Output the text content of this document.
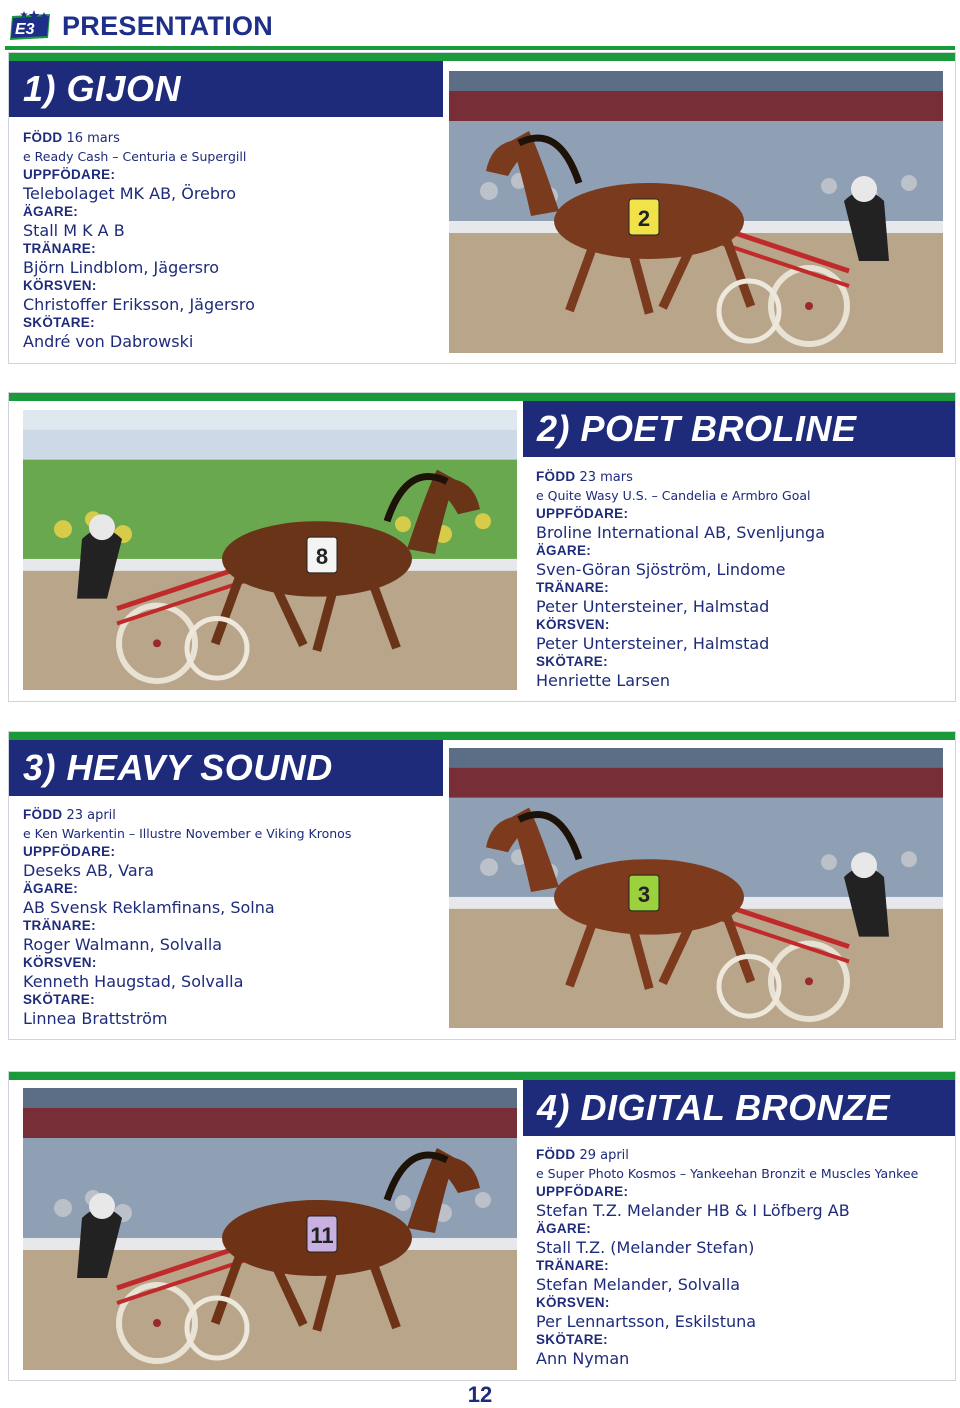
E3 PRESENTATION
1) GIJON
2
FÖDD 16 mars
e Ready Cash – Centuria e Supergill
UPPFÖDARE:
Telebolaget MK AB, Örebro
ÄGARE:
Stall M K A B
TRÄNARE:
Björn Lindblom, Jägersro
KÖRSVEN:
Christoffer Eriksson, Jägersro
SKÖTARE:
André von Dabrowski
8
2) POET BROLINE
FÖDD 23 mars
e Quite Wasy U.S. – Candelia e Armbro Goal
UPPFÖDARE:
Broline International AB, Svenljunga
ÄGARE:
Sven-Göran Sjöström, Lindome
TRÄNARE:
Peter Untersteiner, Halmstad
KÖRSVEN:
Peter Untersteiner, Halmstad
SKÖTARE:
Henriette Larsen
3) HEAVY SOUND
3
FÖDD 23 april
e Ken Warkentin – Illustre November e Viking Kronos
UPPFÖDARE:
Deseks AB, Vara
ÄGARE:
AB Svensk Reklamfinans, Solna
TRÄNARE:
Roger Walmann, Solvalla
KÖRSVEN:
Kenneth Haugstad, Solvalla
SKÖTARE:
Linnea Brattström
11
4) DIGITAL BRONZE
FÖDD 29 april
e Super Photo Kosmos – Yankeehan Bronzit e Muscles Yankee
UPPFÖDARE:
Stefan T.Z. Melander HB & I Löfberg AB
ÄGARE:
Stall T.Z. (Melander Stefan)
TRÄNARE:
Stefan Melander, Solvalla
KÖRSVEN:
Per Lennartsson, Eskilstuna
SKÖTARE:
Ann Nyman
12
